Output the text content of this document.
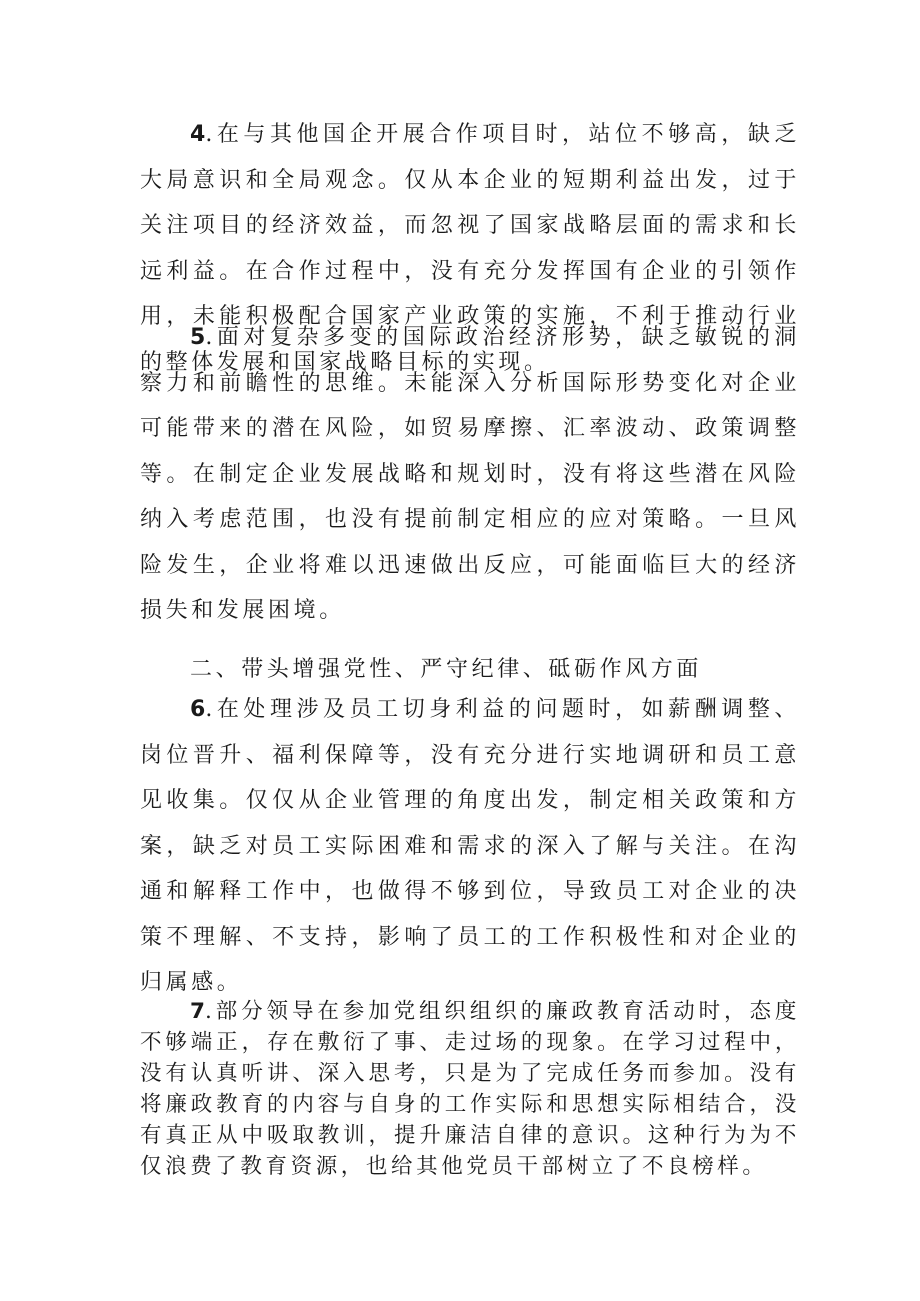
4.在与其他国企开展合作项目时，站位不够高，缺乏大局意识和全局观念。仅从本企业的短期利益出发，过于关注项目的经济效益，而忽视了国家战略层面的需求和长远利益。在合作过程中，没有充分发挥国有企业的引领作用，未能积极配合国家产业政策的实施，不利于推动行业的整体发展和国家战略目标的实现。

5.面对复杂多变的国际政治经济形势，缺乏敏锐的洞察力和前瞻性的思维。未能深入分析国际形势变化对企业可能带来的潜在风险，如贸易摩擦、汇率波动、政策调整等。在制定企业发展战略和规划时，没有将这些潜在风险纳入考虑范围，也没有提前制定相应的应对策略。一旦风险发生，企业将难以迅速做出反应，可能面临巨大的经济损失和发展困境。

二、带头增强党性、严守纪律、砥砺作风方面

6.在处理涉及员工切身利益的问题时，如薪酬调整、岗位晋升、福利保障等，没有充分进行实地调研和员工意见收集。仅仅从企业管理的角度出发，制定相关政策和方案，缺乏对员工实际困难和需求的深入了解与关注。在沟通和解释工作中，也做得不够到位，导致员工对企业的决策不理解、不支持，影响了员工的工作积极性和对企业的归属感。

7.部分领导在参加党组织组织的廉政教育活动时，态度不够端正，存在敷衍了事、走过场的现象。在学习过程中，没有认真听讲、深入思考，只是为了完成任务而参加。没有将廉政教育的内容与自身的工作实际和思想实际相结合，没有真正从中吸取教训，提升廉洁自律的意识。这种行为为不仅浪费了教育资源，也给其他党员干部树立了不良榜样。
